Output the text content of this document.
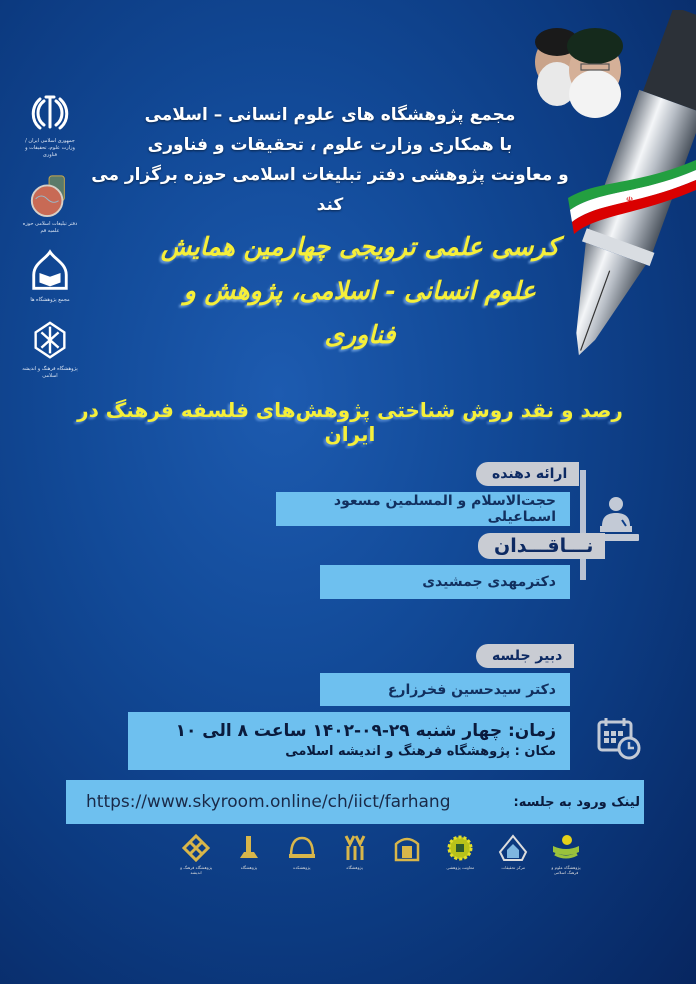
جمهوری اسلامی ایران / وزارت علوم، تحقیقات و فناوری
دفتر تبلیغات اسلامی حوزه علمیه قم
مجمع پژوهشگاه ها
پژوهشگاه فرهنگ و اندیشه اسلامی
☫
مجمع پژوهشگاه های علوم انسانی – اسلامی
با همکاری وزارت علوم ، تحقیقات و فناوری
و معاونت پژوهشی دفتر تبلیغات اسلامی حوزه برگزار می کند
کرسی علمی ترویجی چهارمین همایش
علوم انسانی - اسلامی، پژوهش و فناوری
رصد و نقد روش شناختی پژوهش‌های فلسفه فرهنگ در ایران
ارائه دهنده
حجت‌الاسلام و المسلمین مسعود اسماعیلی
نـــاقـــدان
دکترمهدی جمشیدی
دبیر جلسه
دکتر سیدحسین فخرزارع
زمان: چهار شنبه ۲۹-۰۹-۱۴۰۲ ساعت ۸ الی ۱۰
مکان : پژوهشگاه فرهنگ و اندیشه اسلامی
https://www.skyroom.online/ch/iict/farhang	لینک ورود به جلسه:
پژوهشگاه علوم و فرهنگ اسلامی
مرکز تحقیقات
معاونت پژوهشی
پژوهشگاه
پژوهشکده
پژوهشگاه
پژوهشگاه فرهنگ و اندیشه
